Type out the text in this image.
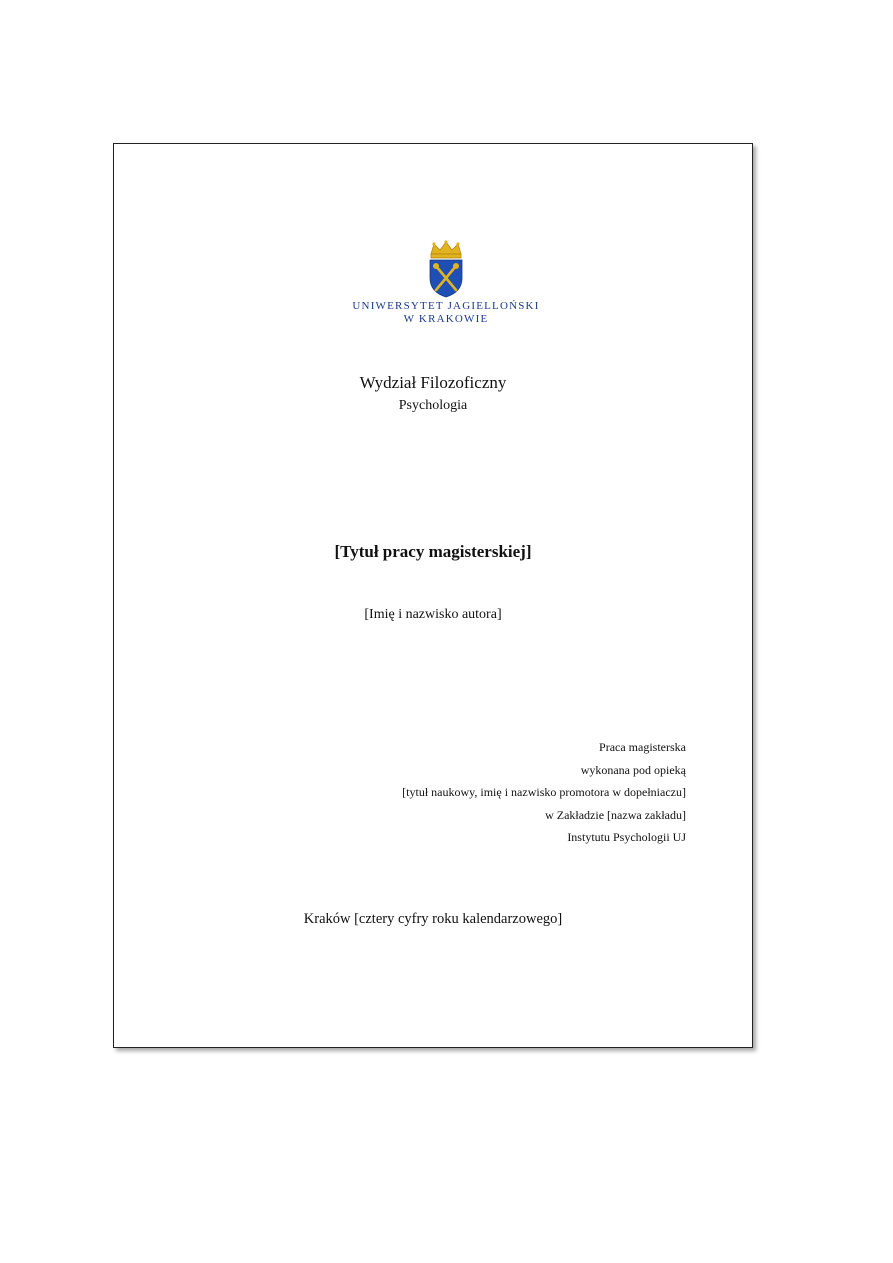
UNIWERSYTET JAGIELLOŃSKI
W KRAKOWIE
Wydział Filozoficzny
Psychologia
[Tytuł pracy magisterskiej]
[Imię i nazwisko autora]
Praca magisterska
wykonana pod opieką
[tytuł naukowy, imię i nazwisko promotora w dopełniaczu]
w Zakładzie [nazwa zakładu]
Instytutu Psychologii UJ
Kraków [cztery cyfry roku kalendarzowego]
